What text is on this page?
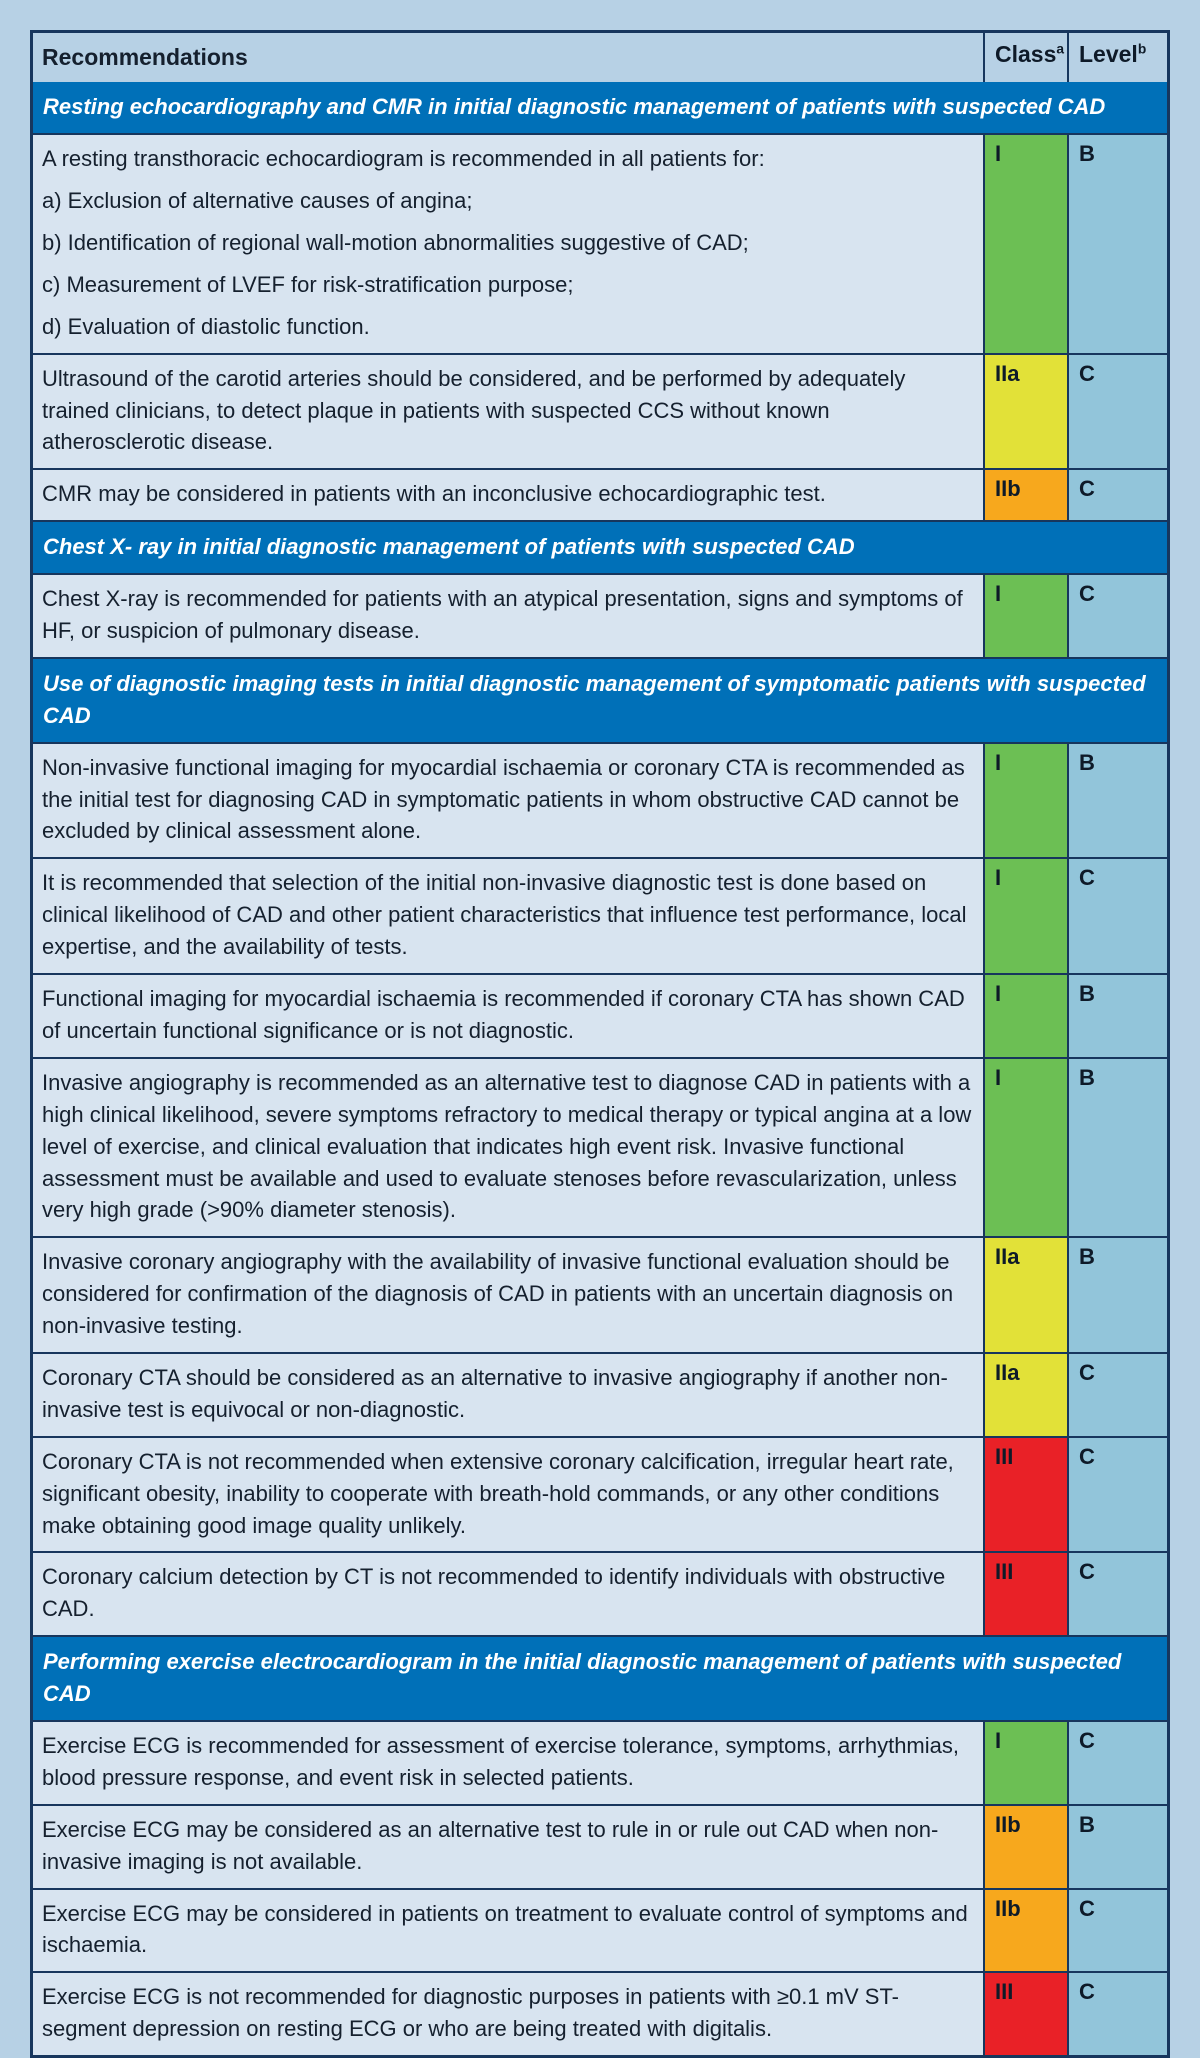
Recommendations	Class$^a$ Level$^b$
Resting echocardiography and CMR in initial diagnostic management of patients with suspected CAD
A resting transthoracic echocardiogram is recommended in all patients for:
a) Exclusion of alternative causes of angina;
b) Identification of regional wall-motion abnormalities suggestive of CAD;
c) Measurement of LVEF for risk-stratification purpose;
d) Evaluation of diastolic function.
I	B
Ultrasound of the carotid arteries should be considered, and be performed by adequately trained clinicians, to detect plaque in patients with suspected CCS without known atherosclerotic disease.
IIa	C
CMR may be considered in patients with an inconclusive echocardiographic test.	IIb	C
Chest X- ray in initial diagnostic management of patients with suspected CAD
Chest X-ray is recommended for patients with an atypical presentation, signs and symptoms of HF, or suspicion of pulmonary disease.
I	C
Use of diagnostic imaging tests in initial diagnostic management of symptomatic patients with suspected CAD
Non-invasive functional imaging for myocardial ischaemia or coronary CTA is recommended as the initial test for diagnosing CAD in symptomatic patients in whom obstructive CAD cannot be excluded by clinical assessment alone.
I	B
It is recommended that selection of the initial non-invasive diagnostic test is done based on clinical likelihood of CAD and other patient characteristics that influence test performance, local expertise, and the availability of tests.
I	C
Functional imaging for myocardial ischaemia is recommended if coronary CTA has shown CAD of uncertain functional significance or is not diagnostic.
I	B
Invasive angiography is recommended as an alternative test to diagnose CAD in patients with a high clinical likelihood, severe symptoms refractory to medical therapy or typical angina at a low level of exercise, and clinical evaluation that indicates high event risk. Invasive functional assessment must be available and used to evaluate stenoses before revascularization, unless very high grade (>90% diameter stenosis).
I	B
Invasive coronary angiography with the availability of invasive functional evaluation should be considered for confirmation of the diagnosis of CAD in patients with an uncertain diagnosis on non-invasive testing.
IIa	B
Coronary CTA should be considered as an alternative to invasive angiography if another non-invasive test is equivocal or non-diagnostic.
IIa	C
Coronary CTA is not recommended when extensive coronary calcification, irregular heart rate, significant obesity, inability to cooperate with breath-hold commands, or any other conditions make obtaining good image quality unlikely.
III	C
Coronary calcium detection by CT is not recommended to identify individuals with obstructive CAD.
III	C
Performing exercise electrocardiogram in the initial diagnostic management of patients with suspected CAD
Exercise ECG is recommended for assessment of exercise tolerance, symptoms, arrhythmias, blood pressure response, and event risk in selected patients.
I	C
Exercise ECG may be considered as an alternative test to rule in or rule out CAD when non-invasive imaging is not available.
IIb	B
Exercise ECG may be considered in patients on treatment to evaluate control of symptoms and ischaemia.
IIb	C
Exercise ECG is not recommended for diagnostic purposes in patients with ≥0.1 mV ST-segment depression on resting ECG or who are being treated with digitalis.
III	C
